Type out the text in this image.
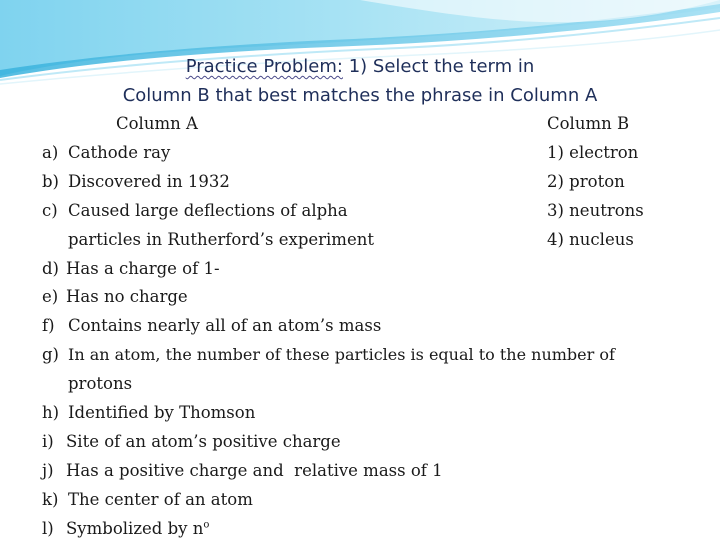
Practice Problem: 1) Select the term in
Column B that best matches the phrase in Column A
Column A
a) Cathode ray
b) Discovered in 1932
c) Caused large deflections of alpha
particles in Rutherford’s experiment
d) Has a charge of 1-
e) Has no charge
f) Contains nearly all of an atom’s mass
g) In an atom, the number of these particles is equal to the number of
protons
h) Identified by Thomson
i) Site of an atom’s positive charge
j) Has a positive charge and  relative mass of 1
k) The center of an atom
l) Symbolized by $n^o$
Column B
1) electron
2) proton
3) neutrons
4) nucleus
